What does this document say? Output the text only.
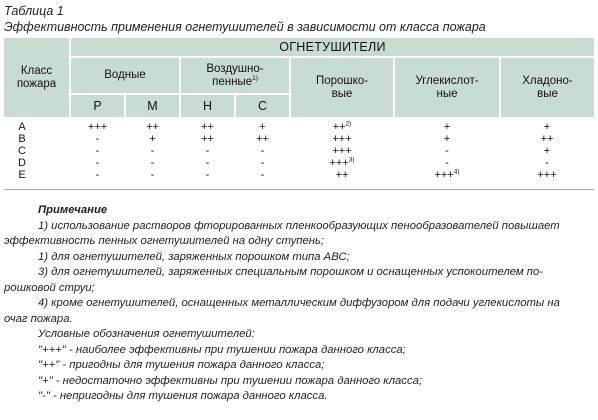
Таблица 1
Эффективность применения огнетушителей в зависимости от класса пожара
Класс
пожара	ОГНЕТУШИТЕЛИ						
	Водные		Воздушно-
пенные$^{1)}$		Порошко-
вые	Углекислот-
ные	Хладоно-
вые
	Р	М	Н	С			

A	+++	++	++	+	++$^{2)}$	+	+
B	-	+	++	++	+++	+	++
C	-	-	-	-	+++	-	+
D	-	-	-	-	+++$^{3)}$	-	-
E	-	-	-	-	++	+++$^{4)}$	+++

Примечание
1) использование растворов фторированных пленкообразующих пенообразователей повышает
эффективность пенных огнетушителей на одну ступень;
1) для огнетушителей, заряженных порошком типа АВС;
3) для огнетушителей, заряженных специальным порошком и оснащенных успокоителем по-
рошковой струи;
4) кроме огнетушителей, оснащенных металлическим диффузором для подачи углекислоты на
очаг пожара.
Условные обозначения огнетушителей:
"+++" - наиболее эффективны при тушении пожара данного класса;
"++" - пригодны для тушения пожара данного класса;
"+" - недостаточно эффективны при тушении пожара данного класса;
"-" - непригодны для тушения пожара данного класса.
